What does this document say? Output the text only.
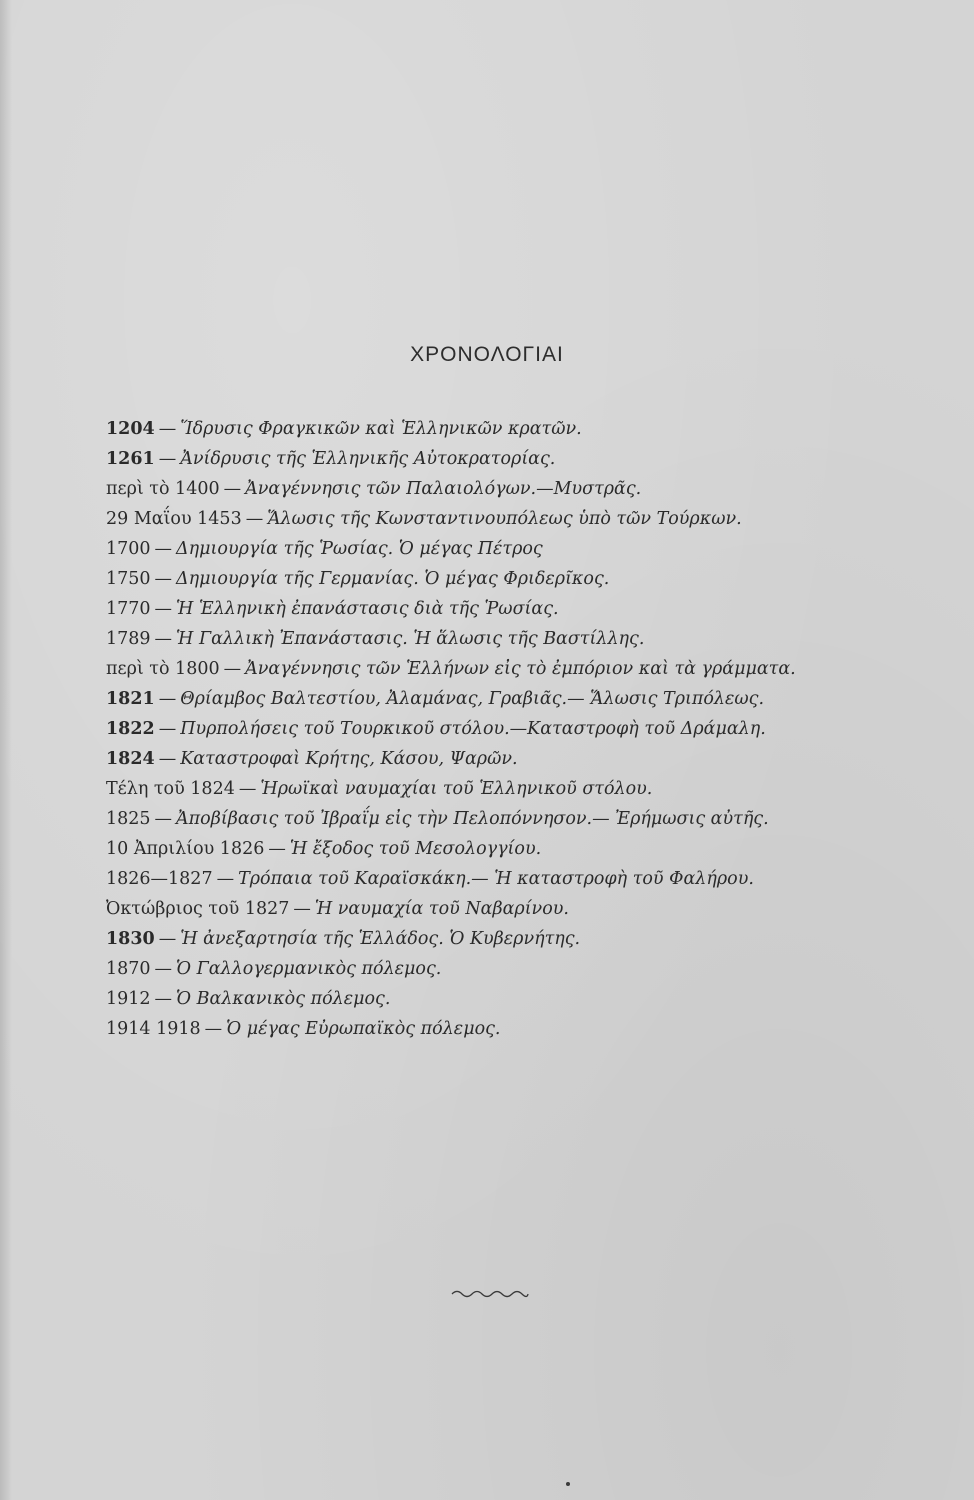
ΧΡΟΝΟΛΟΓΙΑΙ
1204 — Ἵδρυσις Φραγκικῶν καὶ Ἑλληνικῶν κρατῶν.
1261 — Ἀνίδρυσις τῆς Ἑλληνικῆς Αὐτοκρατορίας.
περὶ τὸ 1400 — Ἀναγέννησις τῶν Παλαιολόγων.—Μυστρᾶς.
29 Μαΐου 1453 — Ἅλωσις τῆς Κωνσταντινουπόλεως ὑπὸ τῶν Τούρκων.
1700 — Δημιουργία τῆς Ῥωσίας. Ὁ μέγας Πέτρος
1750 — Δημιουργία τῆς Γερμανίας. Ὁ μέγας Φριδερῖκος.
1770 — Ἡ Ἑλληνικὴ ἐπανάστασις διὰ τῆς Ῥωσίας.
1789 — Ἡ Γαλλικὴ Ἐπανάστασις. Ἡ ἅλωσις τῆς Βαστίλλης.
περὶ τὸ 1800 — Ἀναγέννησις τῶν Ἑλλήνων εἰς τὸ ἐμπόριον καὶ τὰ γράμματα.
1821 — Θρίαμβος Βαλτεστίου, Ἀλαμάνας, Γραβιᾶς.— Ἅλωσις Τριπόλεως.
1822 — Πυρπολήσεις τοῦ Τουρκικοῦ στόλου.—Καταστροφὴ τοῦ Δράμαλη.
1824 — Καταστροφαὶ Κρήτης, Κάσου, Ψαρῶν.
Τέλη τοῦ 1824 — Ἡρωϊκαὶ ναυμαχίαι τοῦ Ἑλληνικοῦ στόλου.
1825 — Ἀποβίβασις τοῦ Ἰβραΐμ εἰς τὴν Πελοπόννησον.— Ἐρήμωσις αὐτῆς.
10 Ἀπριλίου 1826 — Ἡ ἔξοδος τοῦ Μεσολογγίου.
1826—1827 — Τρόπαια τοῦ Καραϊσκάκη.— Ἡ καταστροφὴ τοῦ Φαλήρου.
Ὀκτώβριος τοῦ 1827 — Ἡ ναυμαχία τοῦ Ναβαρίνου.
1830 — Ἡ ἀνεξαρτησία τῆς Ἑλλάδος. Ὁ Κυβερνήτης.
1870 — Ὁ Γαλλογερμανικὸς πόλεμος.
1912 — Ὁ Βαλκανικὸς πόλεμος.
1914 1918 — Ὁ μέγας Εὐρωπαϊκὸς πόλεμος.
